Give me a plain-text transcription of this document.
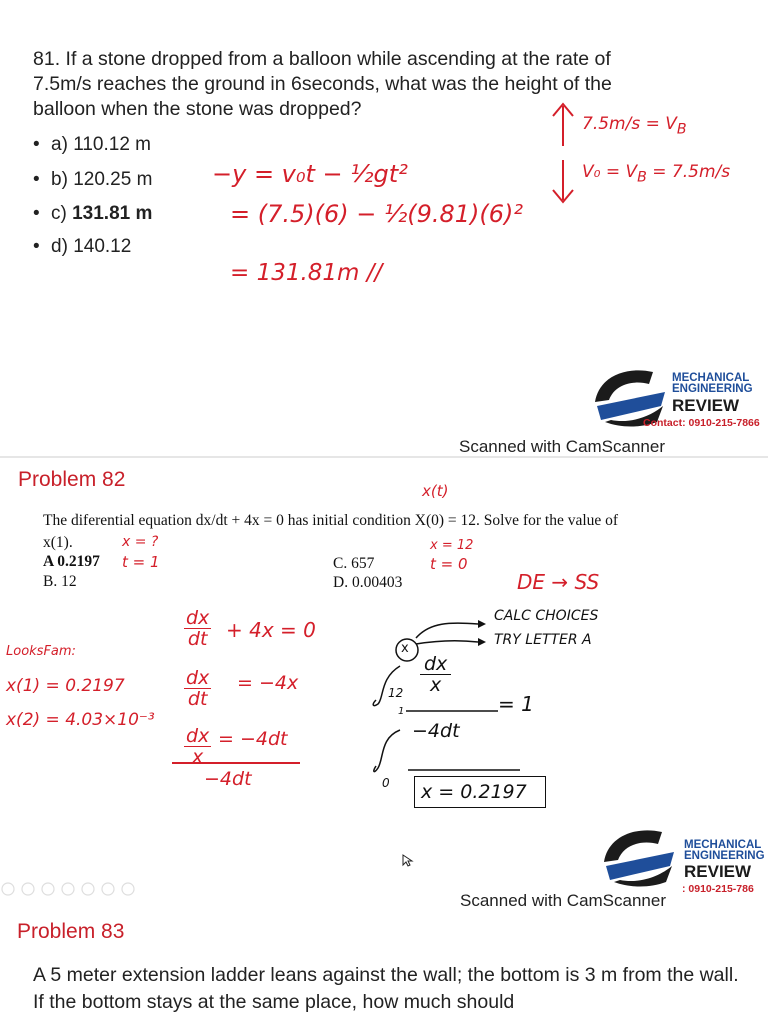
81. If a stone dropped from a balloon while ascending at the rate of 7.5m/s reaches the ground in 6seconds, what was the height of the balloon when the stone was dropped?
• a) 110.12 m
• b) 120.25 m
• c) 131.81 m
• d) 140.12
−y = v₀t − ½gt²
= (7.5)(6) − ½(9.81)(6)²
= 131.81m //
$7.5m/s = V_B$
$V_0 = V_B = 7.5m/s$
MECHANICAL
ENGINEERING
REVIEW
Contact: 0910-215-7866
Scanned with CamScanner
Problem 82
The diferential equation dx/dt + 4x = 0 has initial condition X(0) = 12. Solve for the value of
x(1).
A 0.2197
B. 12
C. 657
D. 0.00403
x(t)
x = ?
t = 1
x = 12
t = 0
DE → SS
dx
dt + 4x = 0
dx
dt
= −4x
dx
x
= −4dt
−4dt
LooksFam:
x(1) = 0.2197
x(2) = 4.03×10⁻³
x
CALC CHOICES
TRY LETTER A
12
1
0
dx
x
= 1
−4dt
x = 0.2197
MECHANICAL
ENGINEERING
REVIEW
: 0910-215-786
Scanned with CamScanner
Problem 83
A 5 meter extension ladder leans against the wall; the bottom is 3 m from the wall. If the bottom stays at the same place, how much should
